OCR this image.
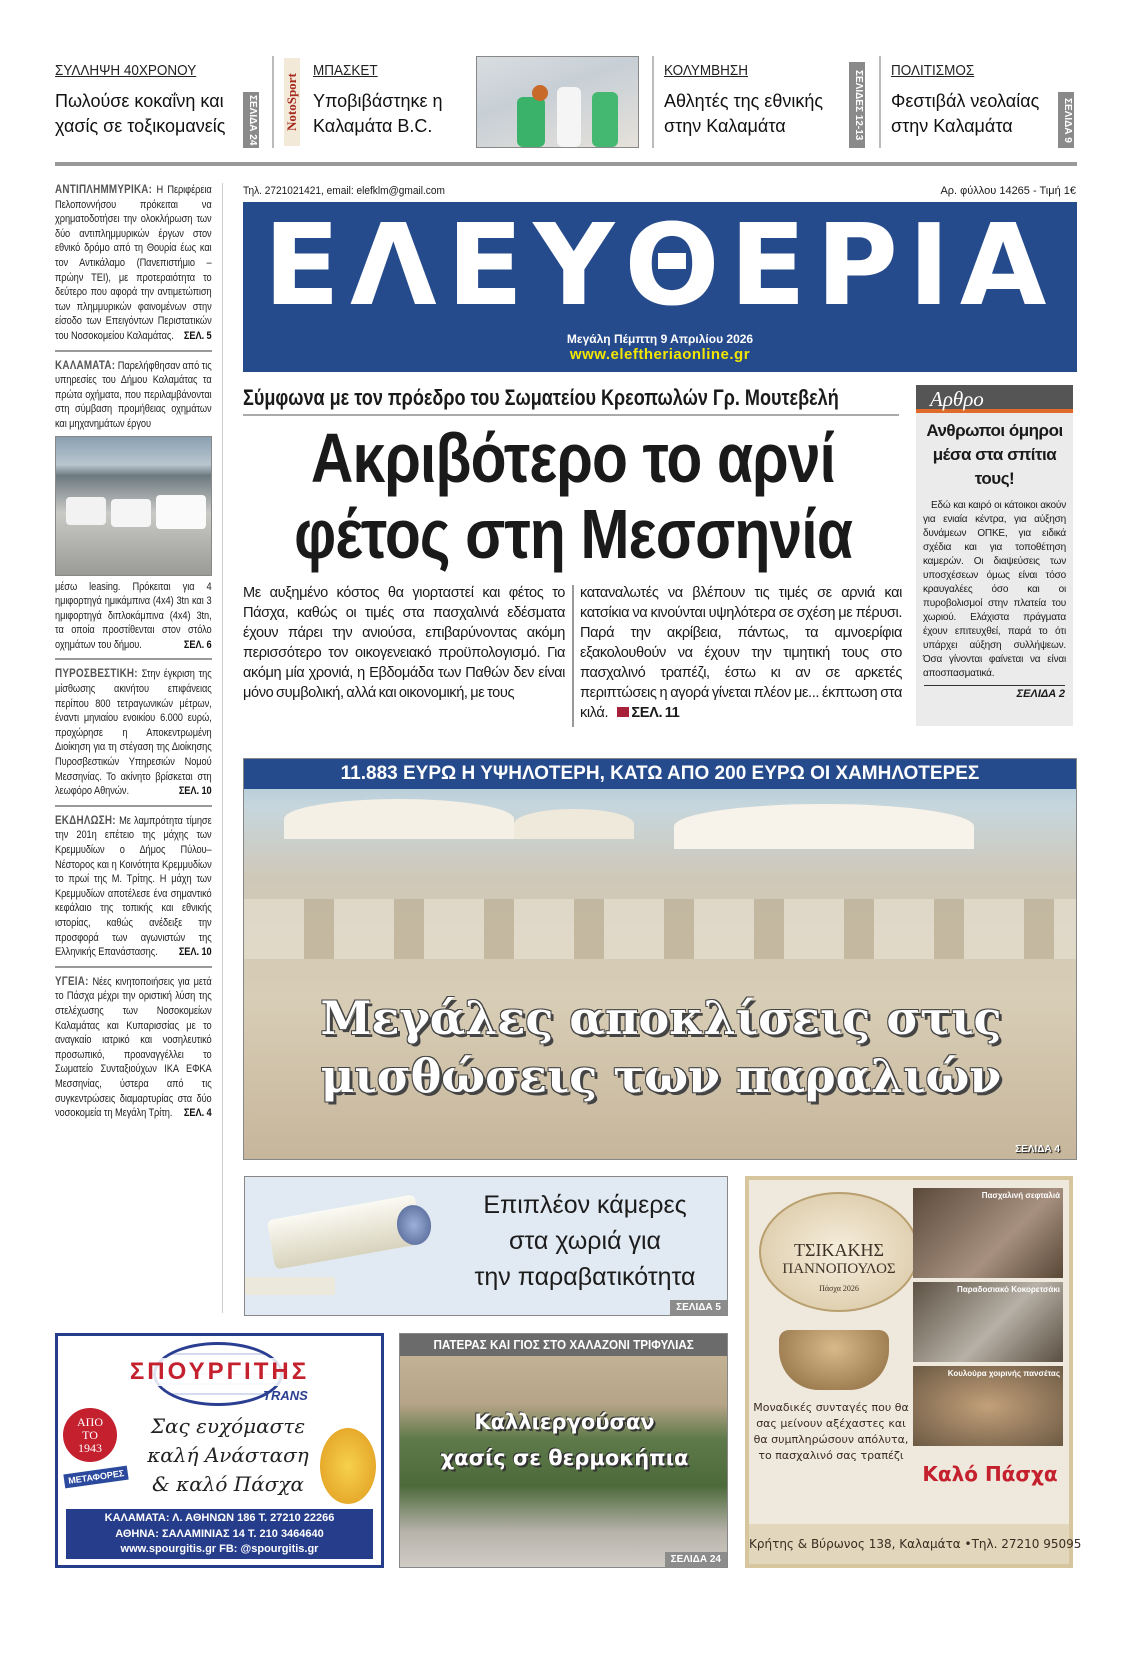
ΣΥΛΛΗΨΗ 40ΧΡΟΝΟΥ
Πωλούσε κοκαΐνη και χασίς σε τοξικομανείς	ΣΕΛΙΔΑ 24 NotoSport
ΜΠΑΣΚΕΤ
Υποβιβάστηκε η Καλαμάτα B.C.
ΚΟΛΥΜΒΗΣΗ
Αθλητές της εθνικής στην Καλαμάτα	ΣΕΛΙΔΕΣ 12-13 ΠΟΛΙΤΙΣΜΟΣ
Φεστιβάλ νεολαίας στην Καλαμάτα	ΣΕΛΙΔΑ 9
ΑΝΤΙΠΛΗΜΜΥΡΙΚΑ: Η Περιφέρεια Πελοποννήσου πρόκειται να χρηματοδοτήσει την ολοκλήρωση των δύο αντιπλημμυρικών έργων στον εθνικό δρόμο από τη Θουρία έως και τον Αντικάλαμο (Πανεπιστήμιο – πρώην ΤΕΙ), με προτεραιότητα το δεύτερο που αφορά την αντιμετώπιση των πλημμυρικών φαινομένων στην είσοδο των Επειγόντων Περιστατικών του Νοσοκομείου Καλαμάτας. ΣΕΛ. 5
ΚΑΛΑΜΑΤΑ: Παρελήφθησαν από τις υπηρεσίες του Δήμου Καλαμάτας τα πρώτα οχήματα, που περιλαμβάνονται στη σύμβαση προμήθειας οχημάτων και μηχανημάτων έργου
μέσω leasing. Πρόκειται για 4 ημιφορτηγά ημικάμπινα (4x4) 3tn και 3 ημιφορτηγά διπλοκάμπινα (4x4) 3tn, τα οποία προστίθενται στον στόλο οχημάτων του δήμου.	ΣΕΛ. 6
ΠΥΡΟΣΒΕΣΤΙΚΗ: Στην έγκριση της μίσθωσης ακινήτου επιφάνειας περίπου 800 τετραγωνικών μέτρων, έναντι μηνιαίου ενοικίου 6.000 ευρώ, προχώρησε η Αποκεντρωμένη Διοίκηση για τη στέγαση της Διοίκησης Πυροσβεστικών Υπηρεσιών Νομού Μεσσηνίας. Το ακίνητο βρίσκεται στη λεωφόρο Αθηνών.	ΣΕΛ. 10
ΕΚΔΗΛΩΣΗ: Με λαμπρότητα τίμησε την 201η επέτειο της μάχης των Κρεμμυδίων ο Δήμος Πύλου–Νέστορος και η Κοινότητα Κρεμμυδίων το πρωί της Μ. Τρίτης. Η μάχη των Κρεμμυδίων αποτέλεσε ένα σημαντικό κεφάλαιο της τοπικής και εθνικής ιστορίας, καθώς ανέδειξε την προσφορά των αγωνιστών της Ελληνικής Επανάστασης. ΣΕΛ. 10
ΥΓΕΙΑ: Νέες κινητοποιήσεις για μετά το Πάσχα μέχρι την οριστική λύση της στελέχωσης των Νοσοκομείων Καλαμάτας και Κυπαρισσίας με το αναγκαίο ιατρικό και νοσηλευτικό προσωπικό, προαναγγέλλει το Σωματείο Συνταξιούχων ΙΚΑ ΕΦΚΑ Μεσσηνίας, ύστερα από τις συγκεντρώσεις διαμαρτυρίας στα δύο νοσοκομεία τη Μεγάλη Τρίτη. ΣΕΛ. 4
Τηλ. 2721021421, email: elefklm@gmail.com	Αρ. φύλλου 14265 - Τιμή 1€
ΕΛΕΥΘΕΡΙΑ
Μεγάλη Πέμπτη 9 Απριλίου 2026
www.eleftheriaonline.gr
Σύμφωνα με τον πρόεδρο του Σωματείου Κρεοπωλών Γρ. Μουτεβελή
Ακριβότερο το αρνί
φέτος στη Μεσσηνία
Με αυξημένο κόστος θα γιορταστεί και φέτος το Πάσχα, καθώς οι τιμές στα πασχαλινά εδέσματα έχουν πάρει την ανιούσα, επιβαρύνοντας ακόμη περισσότερο τον οικογενειακό προϋπολογισμό. Για ακόμη μία χρονιά, η Εβδομάδα των Παθών δεν είναι μόνο συμβολική, αλλά και οικονομική, με τους
καταναλωτές να βλέπουν τις τιμές σε αρνιά και κατσίκια να κινούνται υψηλότερα σε σχέση με πέρυσι. Παρά την ακρίβεια, πάντως, τα αμνοερίφια εξακολουθούν να έχουν την τιμητική τους στο πασχαλινό τραπέζι, έστω κι αν σε αρκετές περιπτώσεις η αγορά γίνεται πλέον με... έκπτωση στα κιλά. ΣΕΛ. 11
Αρθρο
Ανθρωποι όμηροι μέσα στα σπίτια τους!
Εδώ και καιρό οι κάτοικοι ακούν για ενιαία κέντρα, για αύξηση δυνάμεων ΟΠΚΕ, για ειδικά σχέδια και για τοποθέτηση καμερών. Οι διαψεύσεις των υποσχέσεων όμως είναι τόσο κραυγαλέες όσο και οι πυροβολισμοί στην πλατεία του χωριού. Ελάχιστα πράγματα έχουν επιτευχθεί, παρά το ότι υπάρχει αύξηση συλλήψεων. Όσα γίνονται φαίνεται να είναι αποσπασματικά.
ΣΕΛΙΔΑ 2
11.883 ΕΥΡΩ Η ΥΨΗΛΟΤΕΡΗ, ΚΑΤΩ ΑΠΟ 200 ΕΥΡΩ ΟΙ ΧΑΜΗΛΟΤΕΡΕΣ
Μεγάλες αποκλίσεις στις
μισθώσεις των παραλιών
ΣΕΛΙΔΑ 4
Επιπλέον κάμερες
στα χωριά για
την παραβατικότητα
ΣΕΛΙΔΑ 5
ΤΣΙΚΑΚΗΣ
ΠΑΝΝΟΠΟΥΛΟΣ
Πάσχα 2026
Πασχαλινή σεφταλιά
Παραδοσιακό Κοκορετσάκι
Κουλούρα χοιρινής πανσέτας
Μοναδικές συνταγές που θα σας μείνουν αξέχαστες και θα συμπληρώσουν απόλυτα, το πασχαλινό σας τραπέζι
Καλό Πάσχα
Κρήτης & Βύρωνος 138, Καλαμάτα •Τηλ. 27210 95095
ΣΠΟΥΡΓΙΤΗΣ
TRANS
ΑΠΟ ΤΟ 1943
ΜΕΤΑΦΟΡΕΣ
Σας ευχόμαστε
καλή Ανάσταση
& καλό Πάσχα
ΚΑΛΑΜΑΤΑ: Λ. ΑΘΗΝΩΝ 186 Τ. 27210 22266
ΑΘΗΝΑ: ΣΑΛΑΜΙΝΙΑΣ 14 Τ. 210 3464640
www.spourgitis.gr FB: @spourgitis.gr
ΠΑΤΕΡΑΣ ΚΑΙ ΓΙΟΣ ΣΤΟ ΧΑΛΑΖΟΝΙ ΤΡΙΦΥΛΙΑΣ
Καλλιεργούσαν
χασίς σε θερμοκήπια
ΣΕΛΙΔΑ 24
